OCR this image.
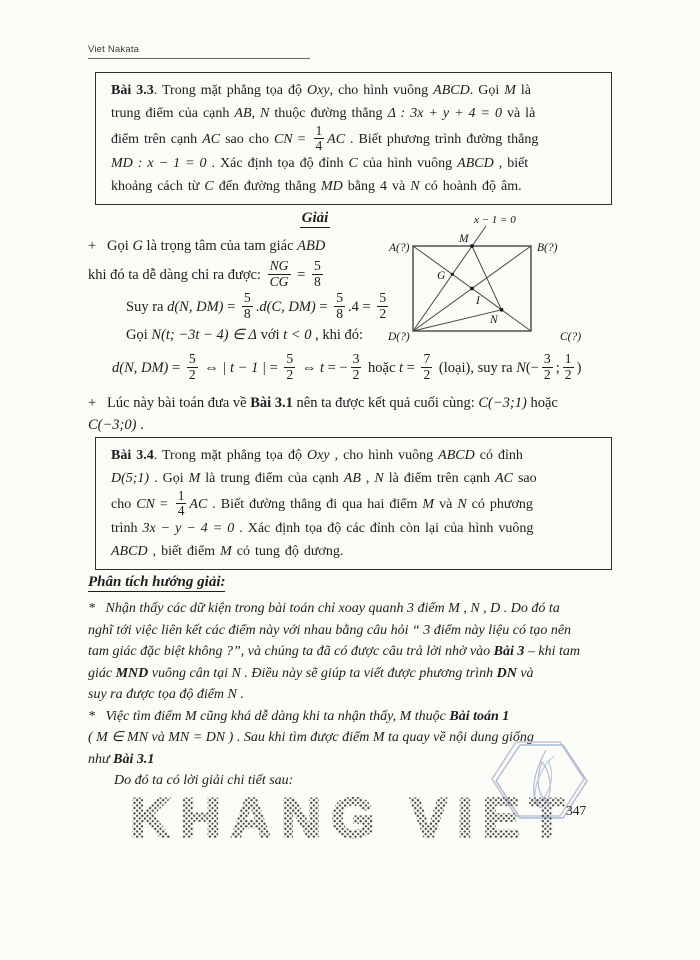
Viet Nakata
Bài 3.3. Trong mặt phẳng tọa độ Oxy, cho hình vuông ABCD. Gọi M là
trung điểm của cạnh AB, N thuộc đường thẳng Δ : 3x + y + 4 = 0 và là
điểm trên cạnh AC sao cho CN = $\frac{1}{4}$ AC . Biết phương trình đường thẳng
MD : x − 1 = 0 . Xác định tọa độ đỉnh C của hình vuông ABCD , biết
khoảng cách từ C đến đường thẳng MD bằng 4 và N có hoành độ âm.
Giải
+   Gọi G là trọng tâm của tam giác ABD
khi đó ta dễ dàng chỉ ra được: $\frac{NG}{CG} = \frac{5}{8}$
Suy ra d(N, $DM) = \frac{5}{8} .d(C$, $DM) = \frac{5}{8} .4 = \frac{5}{2}$
Gọi N(t; −3t − 4) ∈ Δ với t < 0 , khi đó:
x − 1 = 0
A(?)	B(?)
C(?)
D(?)
M
G
I
N
d(N, $DM) = \frac{5}{2}$ ⇔ | t − 1 | = $\frac{5}{2}$ ⇔ t = − $\frac{3}{2}$ hoặc $t = \frac{7}{2}$ (loại), suy ra $N(- \frac{3}{2}$ ; $\frac{1}{2}$ )
+   Lúc này bài toán đưa về Bài 3.1 nên ta được kết quả cuối cùng: C(−3;1) hoặc
C(−3;0) .
Bài 3.4. Trong mặt phẳng tọa độ Oxy , cho hình vuông ABCD có đỉnh
D(5;1) . Gọi M là trung điểm của cạnh AB , N là điểm trên cạnh AC sao
cho CN = $\frac{1}{4}$ AC . Biết đường thẳng đi qua hai điểm M và N có phương
trình 3x − y − 4 = 0 . Xác định tọa độ các đỉnh còn lại của hình vuông
ABCD , biết điểm M có tung độ dương.
Phân tích hướng giải:
*   Nhận thấy các dữ kiện trong bài toán chỉ xoay quanh 3 điểm M , N , D . Do đó ta
nghĩ tới việc liên kết các điểm này với nhau bằng câu hỏi “ 3 điểm này liệu có tạo nên
tam giác đặc biệt không ?”, và chúng ta đã có được câu trả lời nhờ vào Bài 3 – khi tam
giác MND vuông cân tại N . Điều này sẽ giúp ta viết được phương trình DN và
suy ra được tọa độ điểm N .
*   Việc tìm điểm M cũng khá dễ dàng khi ta nhận thấy, M thuộc Bài toán 1
( M ∈ MN và MN = DN ) . Sau khi tìm được điểm M ta quay về nội dung giống
như Bài 3.1
Do đó ta có lời giải chi tiết sau:
KHANG VIET
347
